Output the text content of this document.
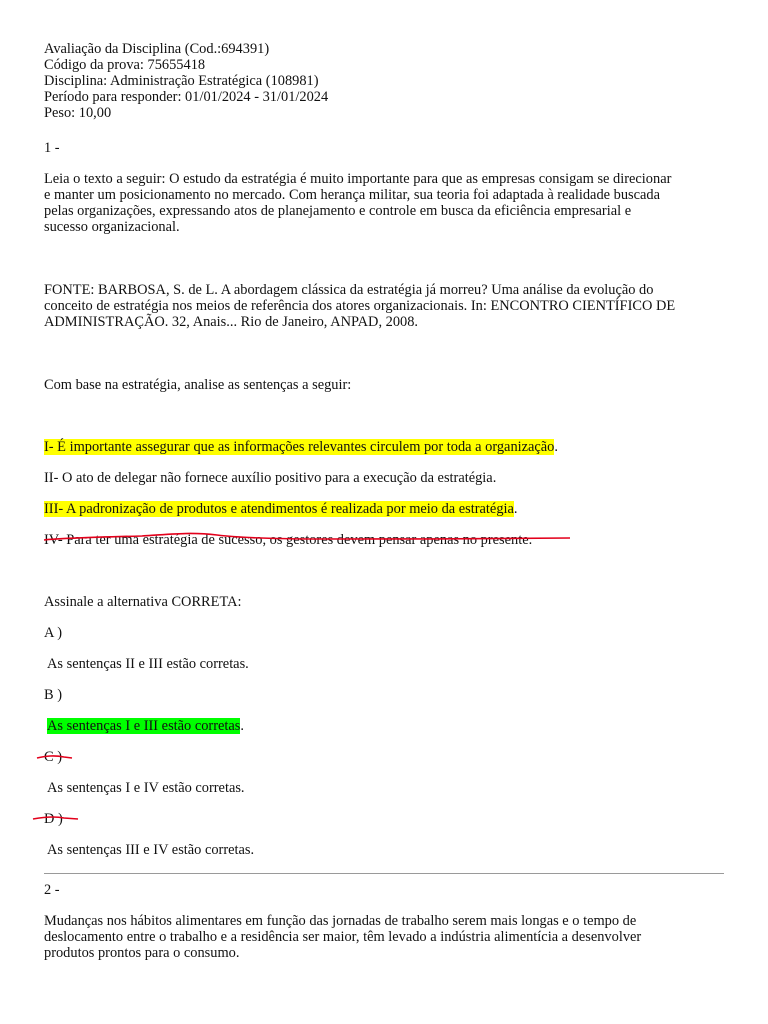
Avaliação da Disciplina (Cod.:694391)
Código da prova: 75655418
Disciplina: Administração Estratégica (108981)
Período para responder: 01/01/2024 - 31/01/2024
Peso: 10,00
1 -
Leia o texto a seguir: O estudo da estratégia é muito importante para que as empresas consigam se direcionar
e manter um posicionamento no mercado. Com herança militar, sua teoria foi adaptada à realidade buscada
pelas organizações, expressando atos de planejamento e controle em busca da eficiência empresarial e
sucesso organizacional.
FONTE: BARBOSA, S. de L. A abordagem clássica da estratégia já morreu? Uma análise da evolução do
conceito de estratégia nos meios de referência dos atores organizacionais. In: ENCONTRO CIENTÍFICO DE
ADMINISTRAÇÃO. 32, Anais... Rio de Janeiro, ANPAD, 2008.
Com base na estratégia, analise as sentenças a seguir:
I- É importante assegurar que as informações relevantes circulem por toda a organização.
II- O ato de delegar não fornece auxílio positivo para a execução da estratégia.
III- A padronização de produtos e atendimentos é realizada por meio da estratégia.
IV- Para ter uma estratégia de sucesso, os gestores devem pensar apenas no presente.
Assinale a alternativa CORRETA:
A )
As sentenças II e III estão corretas.
B )
As sentenças I e III estão corretas.
C )
As sentenças I e IV estão corretas.
D )
As sentenças III e IV estão corretas.
2 -
Mudanças nos hábitos alimentares em função das jornadas de trabalho serem mais longas e o tempo de
deslocamento entre o trabalho e a residência ser maior, têm levado a indústria alimentícia a desenvolver
produtos prontos para o consumo.
